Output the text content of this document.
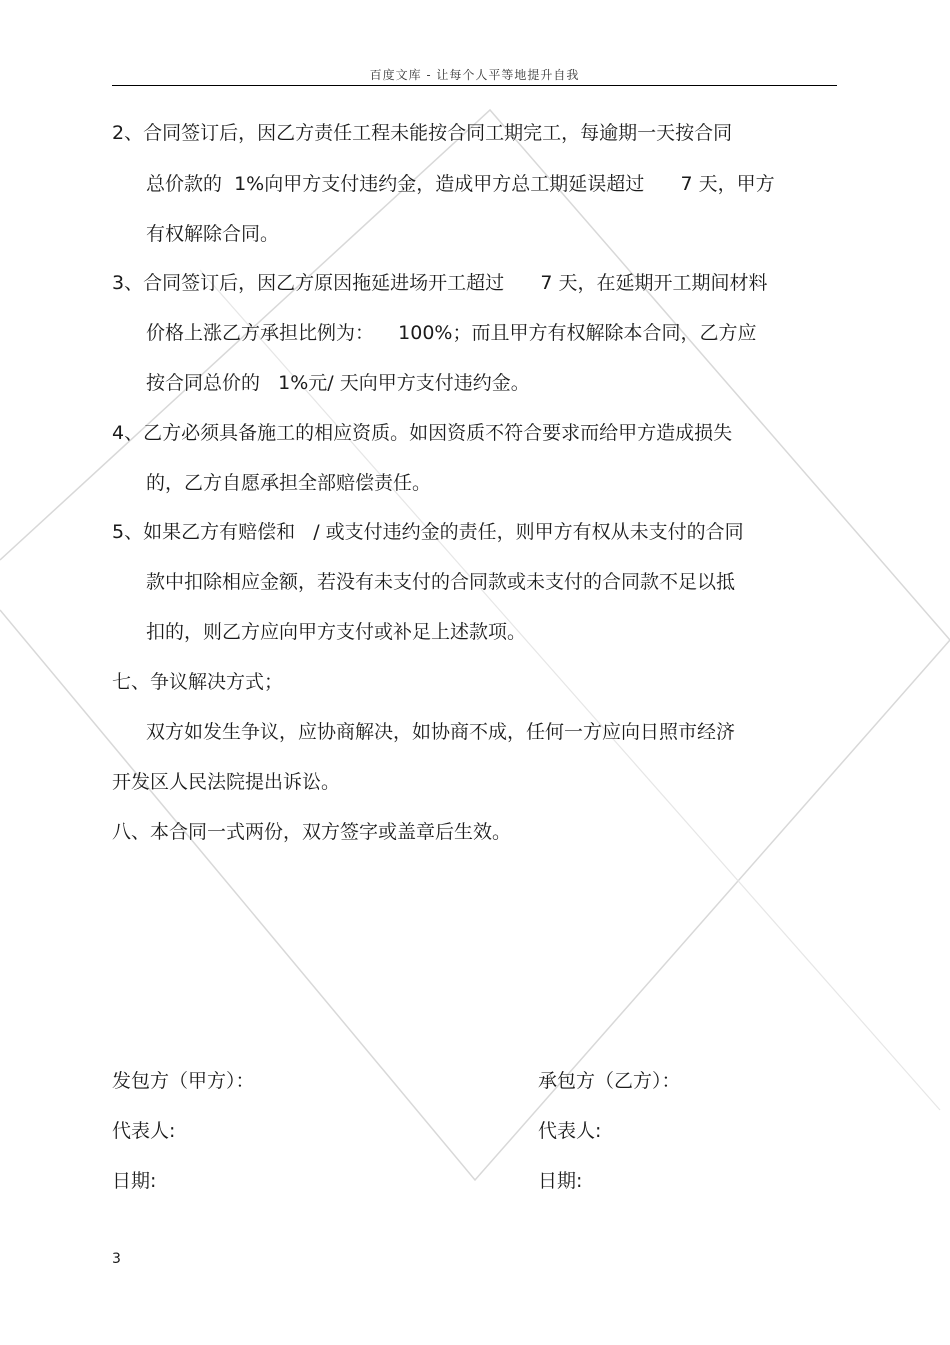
百度文库 - 让每个人平等地提升自我
2、合同签订后，因乙方责任工程未能按合同工期完工，每逾期一天按合同
总价款的  1%向甲方支付违约金，造成甲方总工期延误超过      7 天，甲方
有权解除合同。
3、合同签订后，因乙方原因拖延进场开工超过      7 天，在延期开工期间材料
价格上涨乙方承担比例为：    100%；而且甲方有权解除本合同，乙方应
按合同总价的   1%元/ 天向甲方支付违约金。
4、乙方必须具备施工的相应资质。如因资质不符合要求而给甲方造成损失
的，乙方自愿承担全部赔偿责任。
5、如果乙方有赔偿和   / 或支付违约金的责任，则甲方有权从未支付的合同
款中扣除相应金额，若没有未支付的合同款或未支付的合同款不足以抵
扣的，则乙方应向甲方支付或补足上述款项。
七、争议解决方式；
双方如发生争议，应协商解决，如协商不成，任何一方应向日照市经济
开发区人民法院提出诉讼。
八、本合同一式两份，双方签字或盖章后生效。
发包方（甲方）：	承包方（乙方）：
代表人:	代表人:
日期:	日期:
3
